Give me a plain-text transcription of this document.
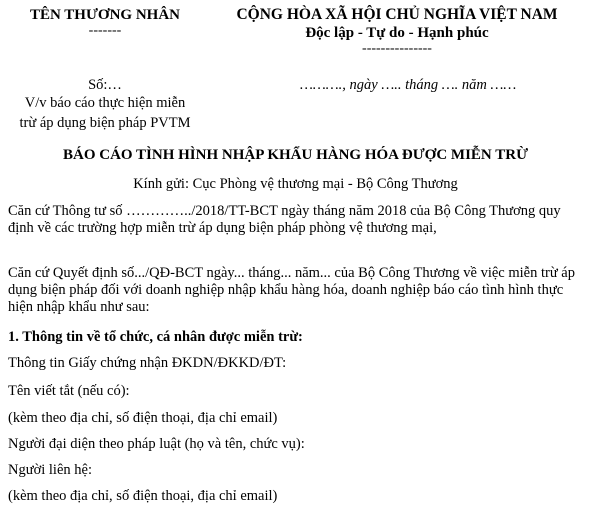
TÊN THƯƠNG NHÂN
-------
CỘNG HÒA XÃ HỘI CHỦ NGHĨA VIỆT NAM
Độc lập - Tự do - Hạnh phúc
---------------
Số:…
V/v báo cáo thực hiện miễn
trừ áp dụng biện pháp PVTM
………., ngày ….. tháng …. năm ……
BÁO CÁO TÌNH HÌNH NHẬP KHẨU HÀNG HÓA ĐƯỢC MIỄN TRỪ
Kính gửi: Cục Phòng vệ thương mại - Bộ Công Thương
Căn cứ Thông tư số …………../2018/TT-BCT ngày tháng năm 2018 của Bộ Công Thương quy định về các trường hợp miễn trừ áp dụng biện pháp phòng vệ thương mại,
Căn cứ Quyết định số.../QĐ-BCT ngày... tháng... năm... của Bộ Công Thương về việc miễn trừ áp dụng biện pháp đối với doanh nghiệp nhập khẩu hàng hóa, doanh nghiệp báo cáo tình hình thực hiện nhập khẩu như sau:
1. Thông tin về tổ chức, cá nhân được miễn trừ:
Thông tin Giấy chứng nhận ĐKDN/ĐKKD/ĐT:
Tên viết tắt (nếu có):
(kèm theo địa chỉ, số điện thoại, địa chỉ email)
Người đại diện theo pháp luật (họ và tên, chức vụ):
Người liên hệ:
(kèm theo địa chỉ, số điện thoại, địa chỉ email)
